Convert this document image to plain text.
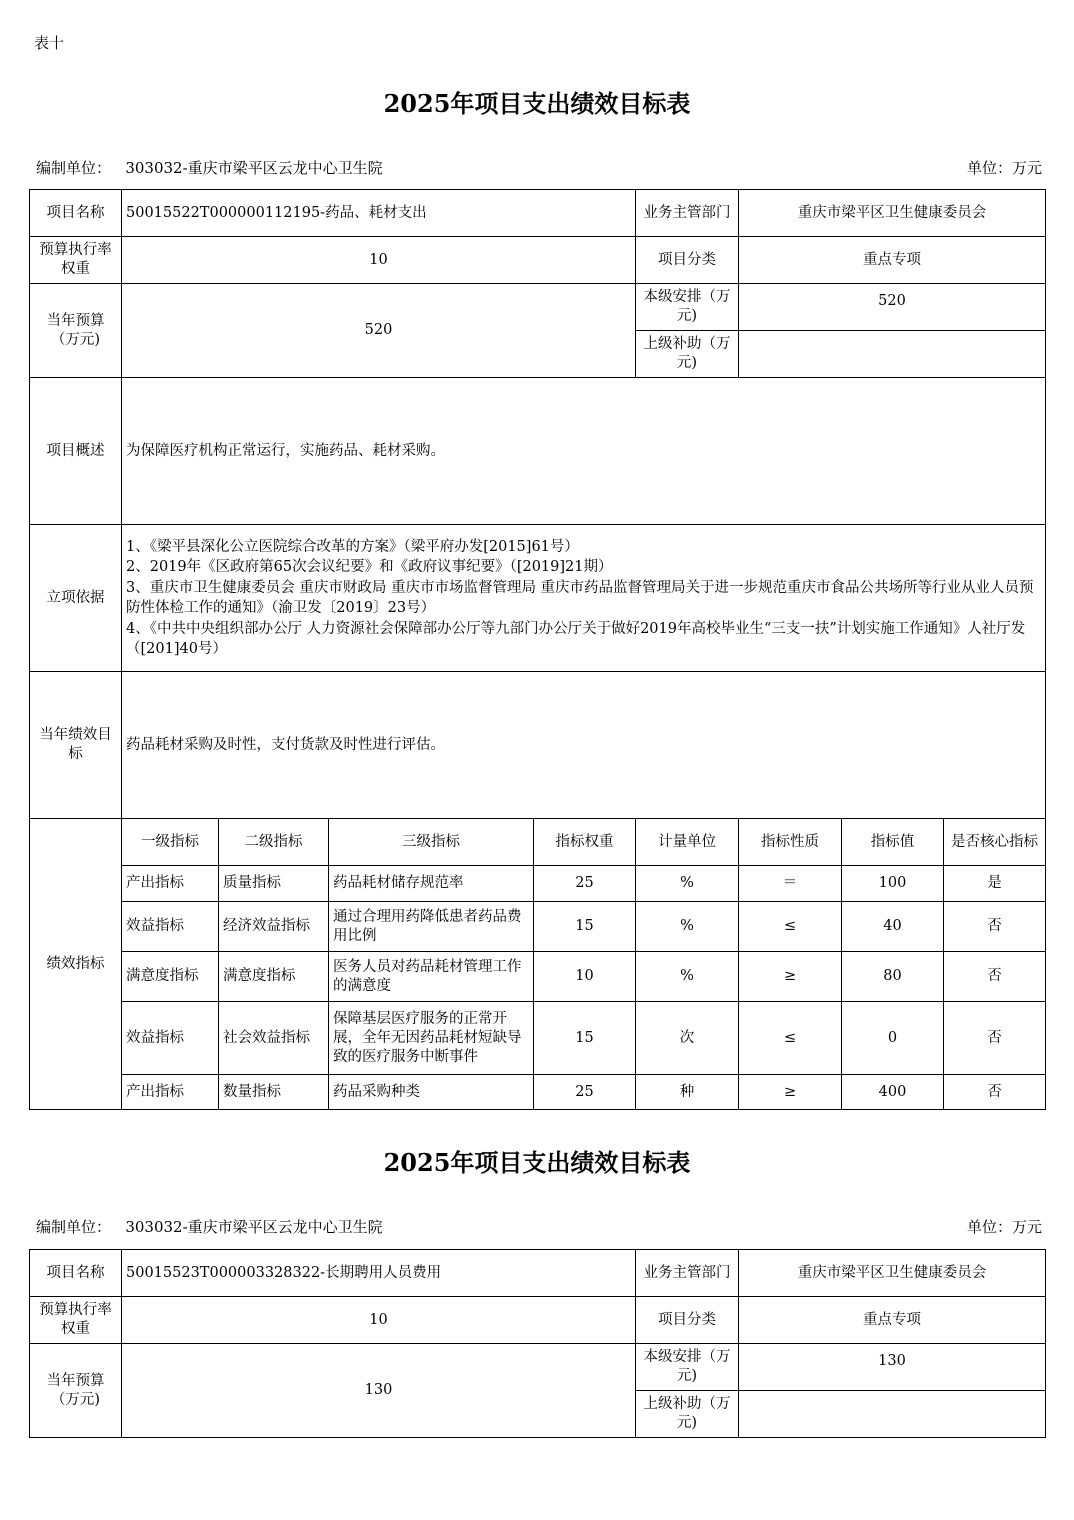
表十
2025年项目支出绩效目标表
编制单位： 303032-重庆市梁平区云龙中心卫生院	单位：万元
项目名称	50015522T000000112195-药品、耗材支出				业务主管部门	重庆市梁平区卫生健康委员会		
预算执行率权重	10				项目分类	重点专项		
当年预算（万元)	520				本级安排（万元)	520		
					上级补助（万元)			
项目概述	为保障医疗机构正常运行，实施药品、耗材采购。							
立项依据	1、《梁平县深化公立医院综合改革的方案》（梁平府办发[2015]61号）
2、2019年《区政府第65次会议纪要》和《政府议事纪要》（[2019]21期）
3、重庆市卫生健康委员会 重庆市财政局 重庆市市场监督管理局 重庆市药品监督管理局关于进一步规范重庆市食品公共场所等行业从业人员预防性体检工作的通知》（渝卫发〔2019〕23号）
4、《中共中央组织部办公厅 人力资源社会保障部办公厅等九部门办公厅关于做好2019年高校毕业生“三支一扶”计划实施工作通知》人社厅发（[201]40号）							

当年绩效目标	药品耗材采购及时性，支付货款及时性进行评估。							
绩效指标	一级指标	二级指标	三级指标	指标权重	计量单位	指标性质	指标值	是否核心指标
	产出指标	质量指标	药品耗材储存规范率	25	%	＝	100	是
	效益指标	经济效益指标	通过合理用药降低患者药品费用比例	15	%	≤	40	否
	满意度指标	满意度指标	医务人员对药品耗材管理工作的满意度	10	%	≥	80	否
	效益指标	社会效益指标	保障基层医疗服务的正常开展，全年无因药品耗材短缺导致的医疗服务中断事件	15	次	≤	0	否
	产出指标	数量指标	药品采购种类	25	种	≥	400	否
2025年项目支出绩效目标表
编制单位： 303032-重庆市梁平区云龙中心卫生院	单位：万元
项目名称	50015523T000003328322-长期聘用人员费用	业务主管部门	重庆市梁平区卫生健康委员会
预算执行率权重	10	项目分类	重点专项
当年预算（万元)	130	本级安排（万元)	130
		上级补助（万元)	
